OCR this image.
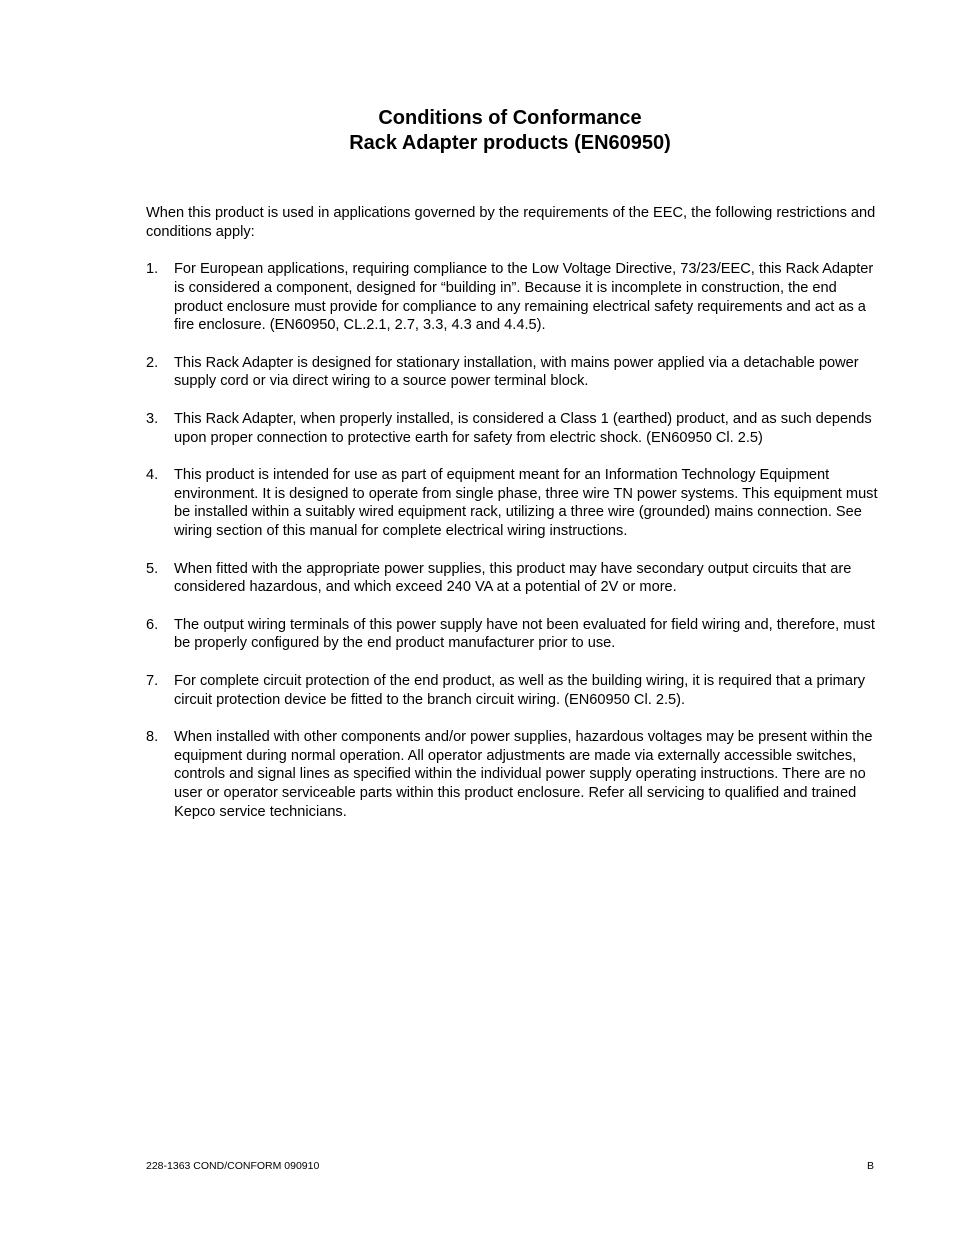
Conditions of Conformance
Rack Adapter products (EN60950)
When this product is used in applications governed by the requirements of the EEC, the following restrictions and conditions apply:
1. For European applications, requiring compliance to the Low Voltage Directive, 73/23/EEC, this Rack Adapter is considered a component, designed for “building in”. Because it is incomplete in construction, the end product enclosure must provide for compliance to any remaining electrical safety requirements and act as a fire enclosure. (EN60950, CL.2.1, 2.7, 3.3, 4.3 and 4.4.5).
2. This Rack Adapter is designed for stationary installation, with mains power applied via a detachable power supply cord or via direct wiring to a source power terminal block.
3. This Rack Adapter, when properly installed, is considered a Class 1 (earthed) product, and as such depends upon proper connection to protective earth for safety from electric shock. (EN60950 Cl. 2.5)
4. This product is intended for use as part of equipment meant for an Information Technology Equipment environment. It is designed to operate from single phase, three wire TN power systems. This equipment must be installed within a suitably wired equipment rack, utilizing a three wire (grounded) mains connection. See wiring section of this manual for complete electrical wiring instructions.
5. When fitted with the appropriate power supplies, this product may have secondary output circuits that are considered hazardous, and which exceed 240 VA at a potential of 2V or more.
6. The output wiring terminals of this power supply have not been evaluated for field wiring and, therefore, must be properly configured by the end product manufacturer prior to use.
7. For complete circuit protection of the end product, as well as the building wiring, it is required that a primary circuit protection device be fitted to the branch circuit wiring. (EN60950 Cl. 2.5).
8. When installed with other components and/or power supplies, hazardous voltages may be present within the equipment during normal operation. All operator adjustments are made via externally accessible switches, controls and signal lines as specified within the individual power supply operating instructions. There are no user or operator serviceable parts within this product enclosure. Refer all servicing to qualified and trained Kepco service technicians.
228-1363 COND/CONFORM 090910	B
